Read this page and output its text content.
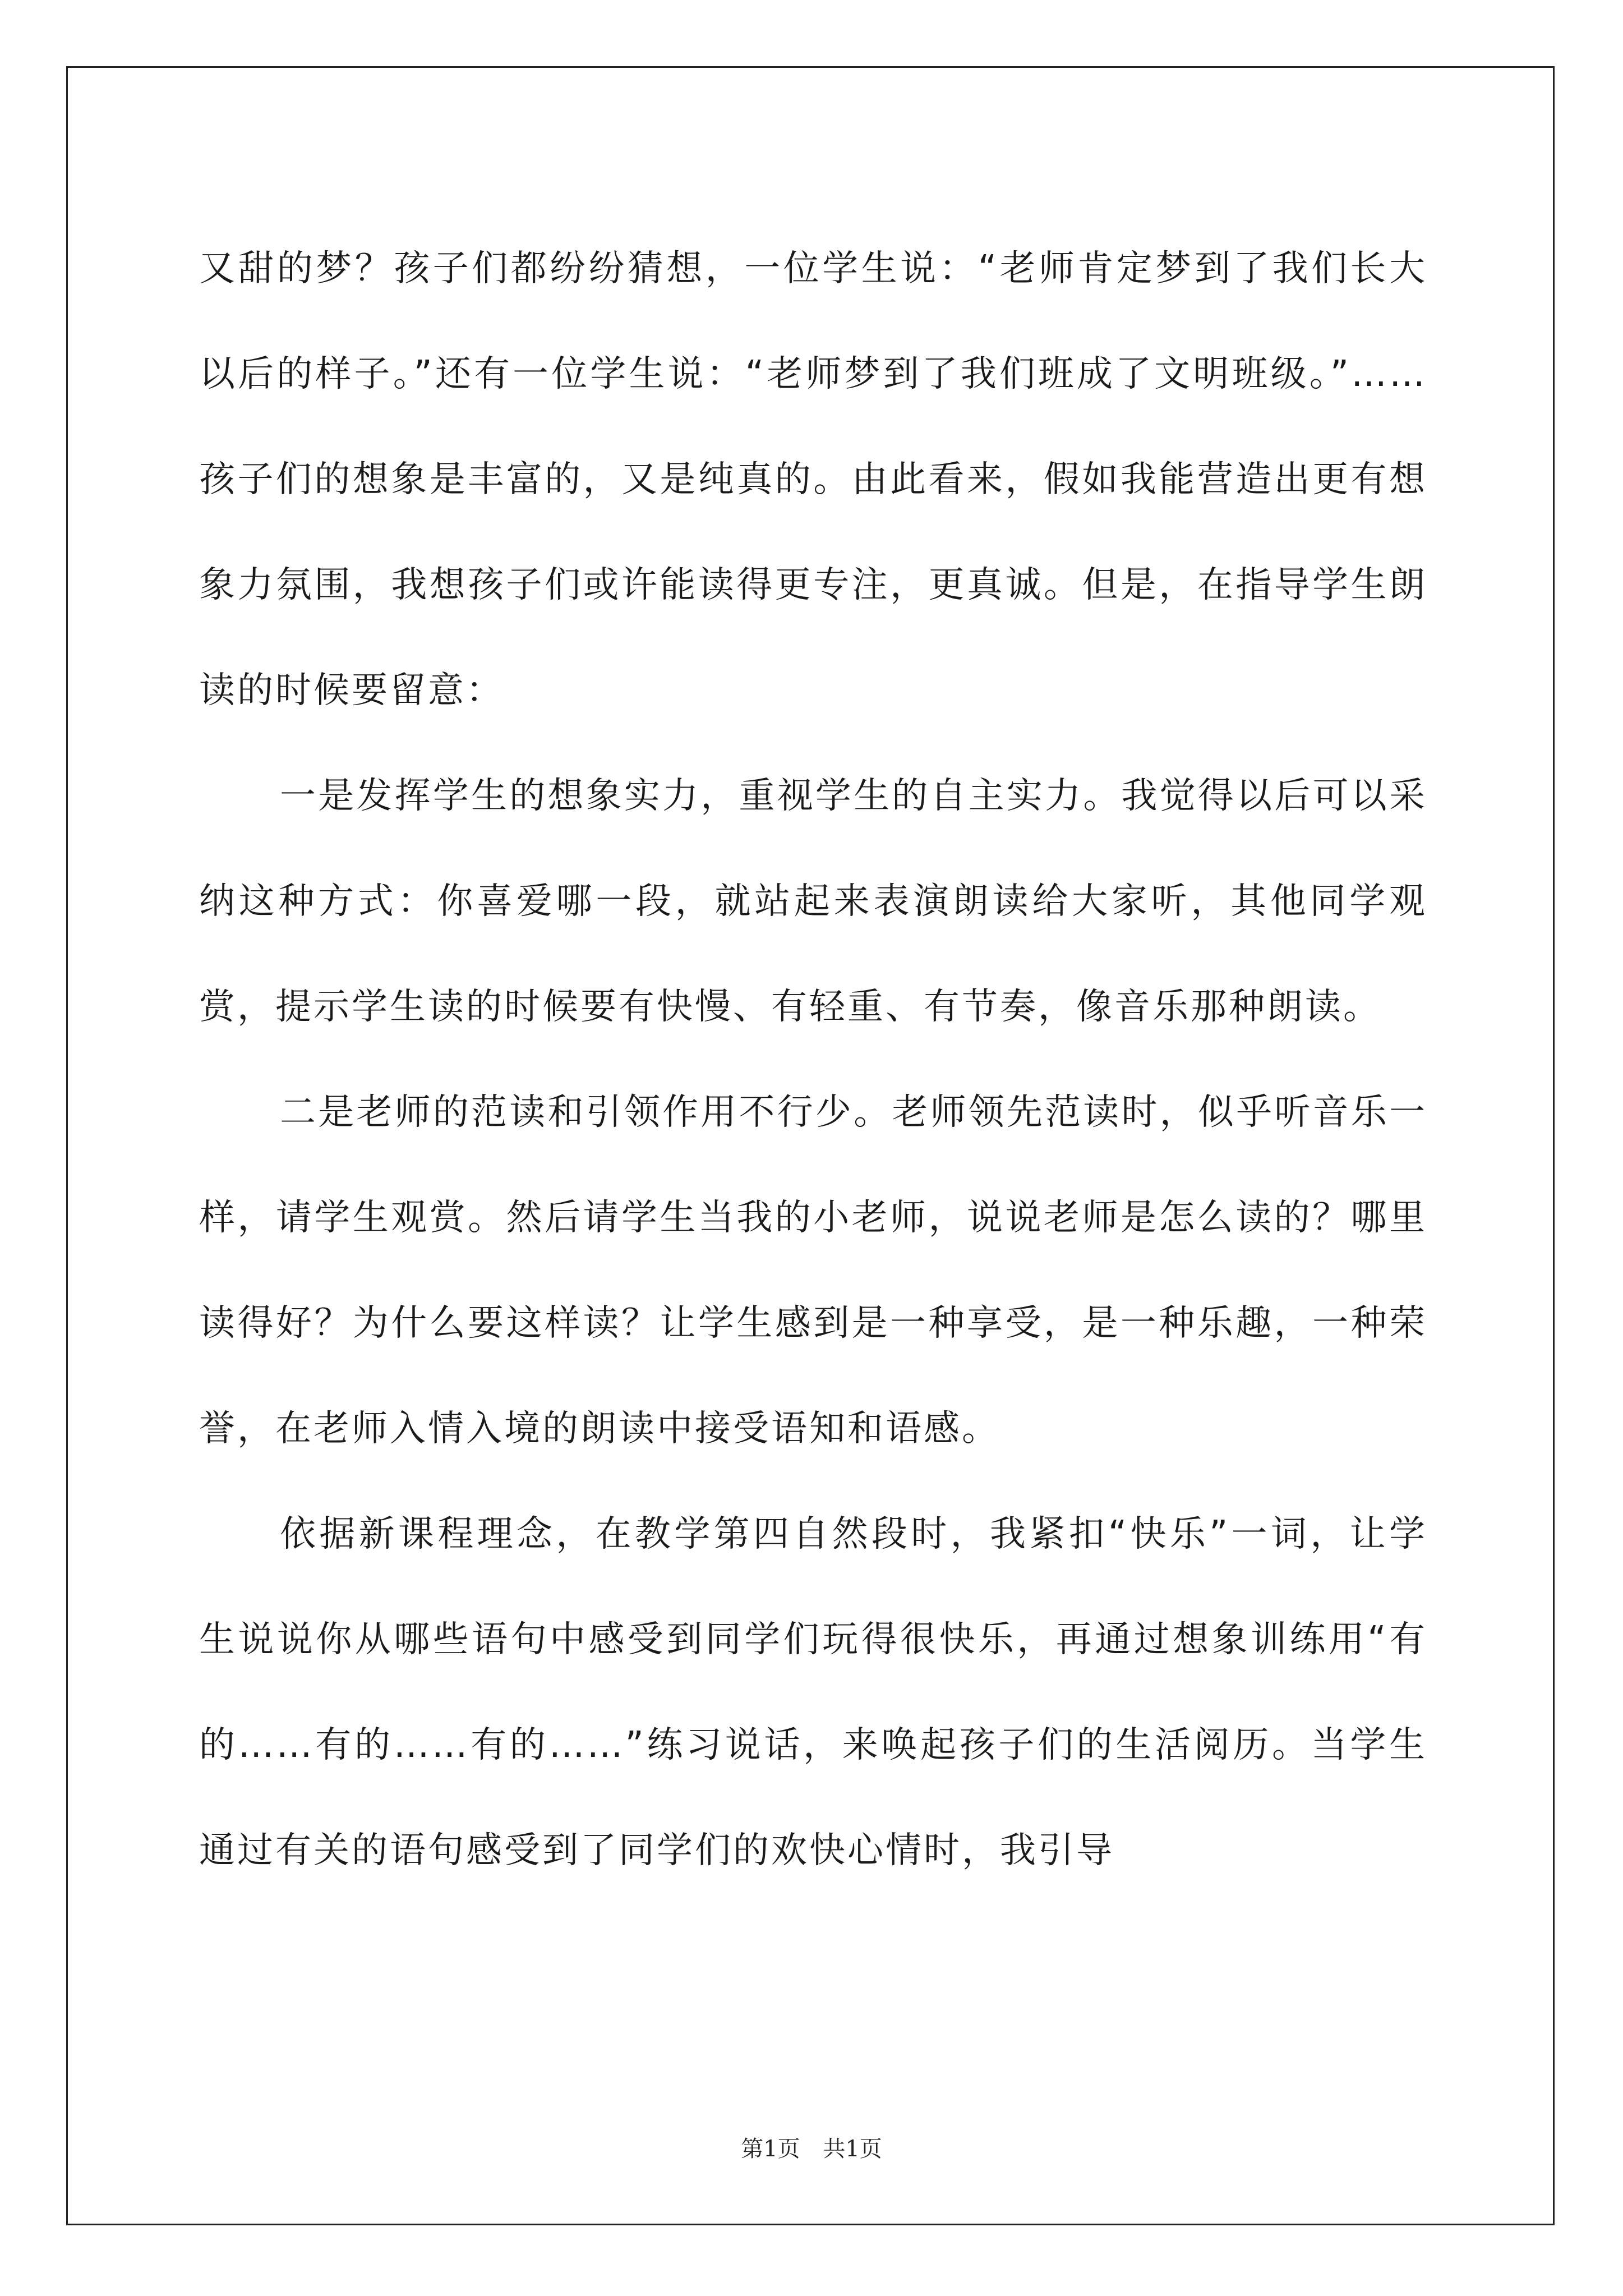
又甜的梦？孩子们都纷纷猜想，一位学生说：“老师肯定梦到了我们长大以后的样子。”还有一位学生说：“老师梦到了我们班成了文明班级。”……孩子们的想象是丰富的，又是纯真的。由此看来，假如我能营造出更有想象力氛围，我想孩子们或许能读得更专注，更真诚。但是，在指导学生朗读的时候要留意：

一是发挥学生的想象实力，重视学生的自主实力。我觉得以后可以采纳这种方式：你喜爱哪一段，就站起来表演朗读给大家听，其他同学观赏，提示学生读的时候要有快慢、有轻重、有节奏，像音乐那种朗读。

二是老师的范读和引领作用不行少。老师领先范读时，似乎听音乐一样，请学生观赏。然后请学生当我的小老师，说说老师是怎么读的？哪里读得好？为什么要这样读？让学生感到是一种享受，是一种乐趣，一种荣誉，在老师入情入境的朗读中接受语知和语感。

依据新课程理念，在教学第四自然段时，我紧扣“快乐”一词，让学生说说你从哪些语句中感受到同学们玩得很快乐，再通过想象训练用“有的……有的……有的……”练习说话，来唤起孩子们的生活阅历。当学生通过有关的语句感受到了同学们的欢快心情时，我引导

第1页 共1页
